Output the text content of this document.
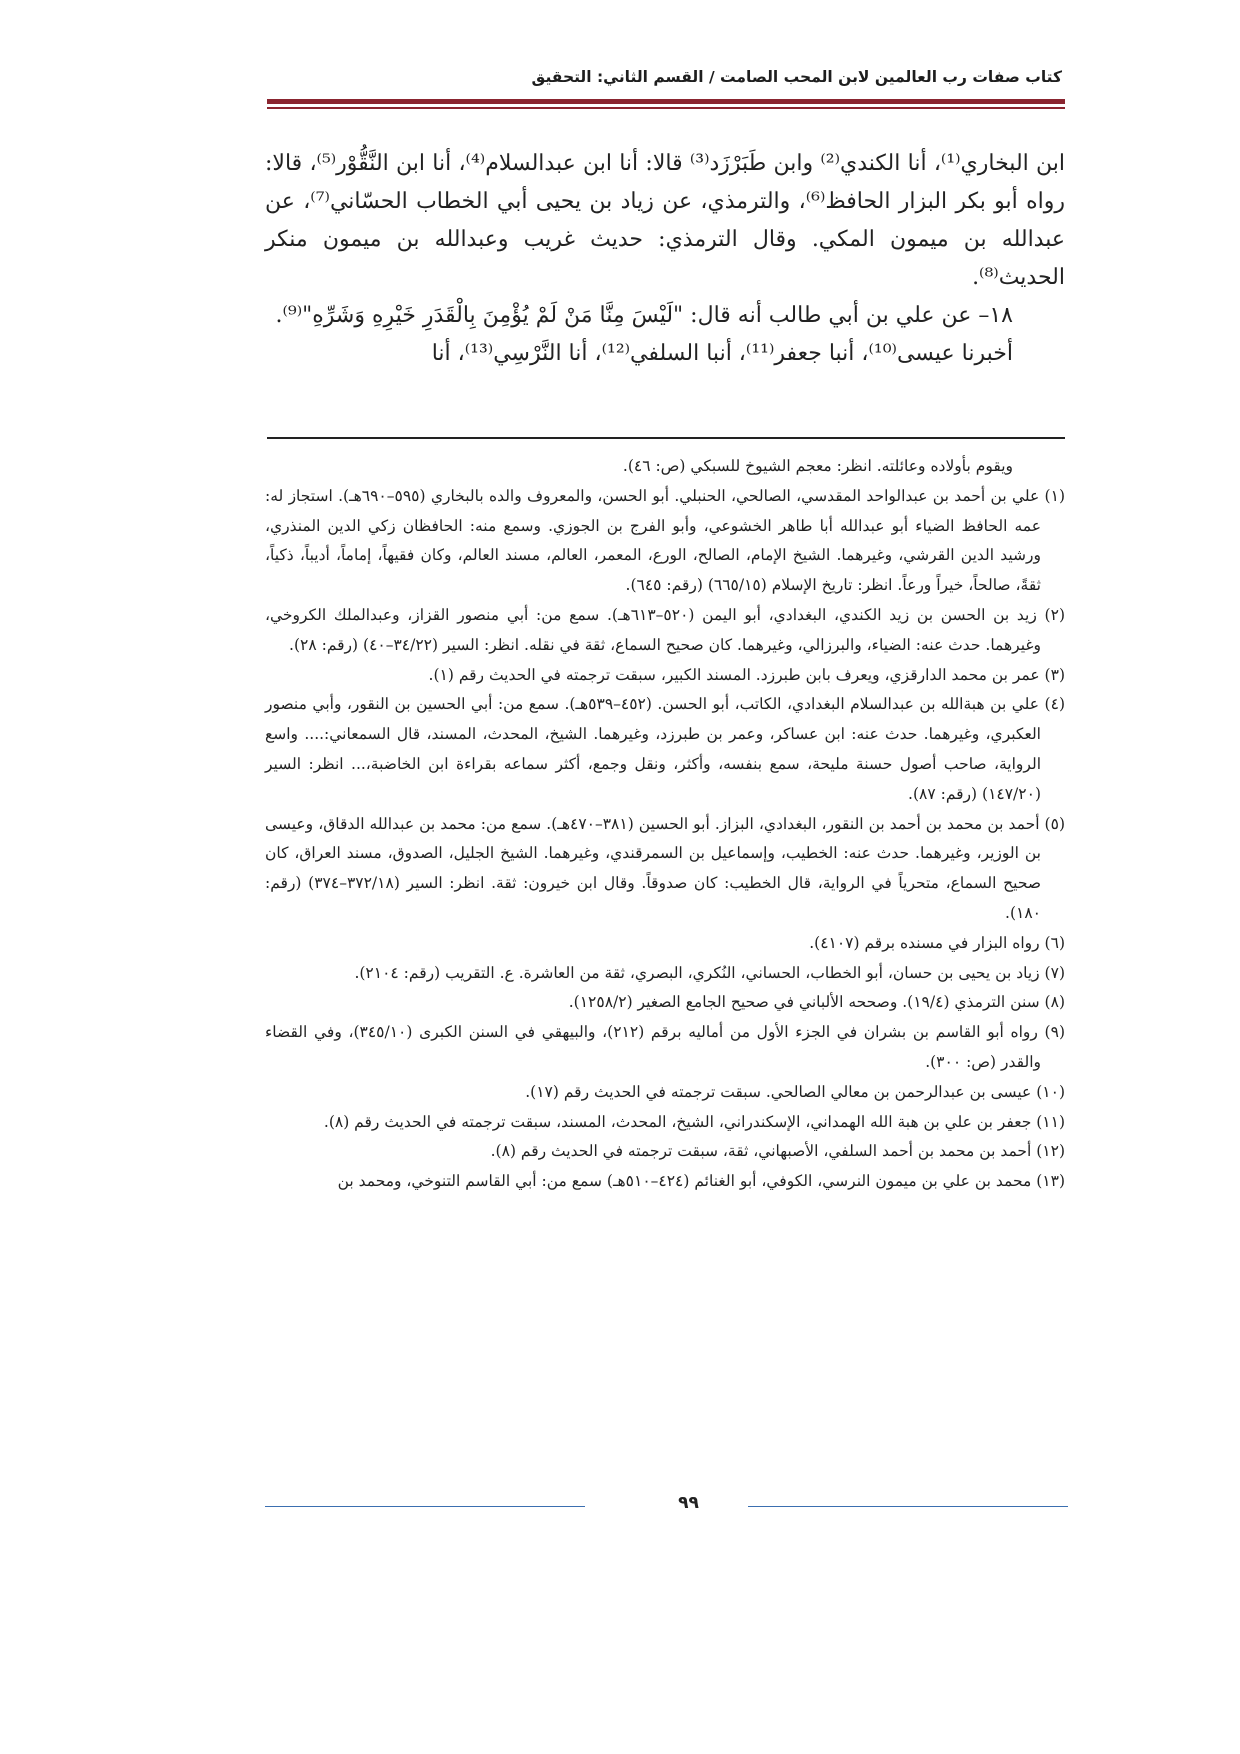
كتاب صفات رب العالمين لابن المحب الصامت / القسم الثاني: التحقيق

ابن البخاري⁽¹⁾، أنا الكندي⁽²⁾ وابن طَبَرْزَد⁽³⁾ قالا: أنا ابن عبدالسلام⁽⁴⁾، أنا ابن النَّقُّوْر⁽⁵⁾، قالا: رواه أبو بكر البزار الحافظ⁽⁶⁾، والترمذي، عن زياد بن يحيى أبي الخطاب الحسّاني⁽⁷⁾، عن عبدالله بن ميمون المكي. وقال الترمذي: حديث غريب وعبدالله بن ميمون منكر الحديث⁽⁸⁾.

١٨– عن علي بن أبي طالب أنه قال: "لَيْسَ مِنَّا مَنْ لَمْ يُؤْمِنَ بِالْقَدَرِ خَيْرِهِ وَشَرِّهِ"⁽⁹⁾.

أخبرنا عيسى⁽¹⁰⁾، أنبا جعفر⁽¹¹⁾، أنبا السلفي⁽¹²⁾، أنا النَّرْسِي⁽¹³⁾، أنا

ويقوم بأولاده وعائلته. انظر: معجم الشيوخ للسبكي (ص: ٤٦).

(١) علي بن أحمد بن عبدالواحد المقدسي، الصالحي، الحنبلي. أبو الحسن، والمعروف والده بالبخاري (٥٩٥–٦٩٠هـ). استجاز له: عمه الحافظ الضياء أبو عبدالله أبا طاهر الخشوعي، وأبو الفرج بن الجوزي. وسمع منه: الحافظان زكي الدين المنذري، ورشيد الدين القرشي، وغيرهما. الشيخ الإمام، الصالح، الورع، المعمر، العالم، مسند العالم، وكان فقيهاً، إماماً، أديباً، ذكياً، ثقةً، صالحاً، خيراً ورعاً. انظر: تاريخ الإسلام (٦٦٥/١٥) (رقم: ٦٤٥).

(٢) زيد بن الحسن بن زيد الكندي، البغدادي، أبو اليمن (٥٢٠–٦١٣هـ). سمع من: أبي منصور القزاز، وعبدالملك الكروخي، وغيرهما. حدث عنه: الضياء، والبرزالي، وغيرهما. كان صحيح السماع، ثقة في نقله. انظر: السير (٣٤/٢٢–٤٠) (رقم: ٢٨).

(٣) عمر بن محمد الدارقزي، ويعرف بابن طبرزد. المسند الكبير، سبقت ترجمته في الحديث رقم (١).

(٤) علي بن هبةالله بن عبدالسلام البغدادي، الكاتب، أبو الحسن. (٤٥٢–٥٣٩هـ). سمع من: أبي الحسين بن النقور، وأبي منصور العكبري، وغيرهما. حدث عنه: ابن عساكر، وعمر بن طبرزد، وغيرهما. الشيخ، المحدث، المسند، قال السمعاني:.... واسع الرواية، صاحب أصول حسنة مليحة، سمع بنفسه، وأكثر، ونقل وجمع، أكثر سماعه بقراءة ابن الخاضبة،... انظر: السير (١٤٧/٢٠) (رقم: ٨٧).

(٥) أحمد بن محمد بن أحمد بن النقور، البغدادي، البزاز. أبو الحسين (٣٨١–٤٧٠هـ). سمع من: محمد بن عبدالله الدقاق، وعيسى بن الوزير، وغيرهما. حدث عنه: الخطيب، وإسماعيل بن السمرقندي، وغيرهما. الشيخ الجليل، الصدوق، مسند العراق، كان صحيح السماع، متحرياً في الرواية، قال الخطيب: كان صدوقاً. وقال ابن خيرون: ثقة. انظر: السير (٣٧٢/١٨–٣٧٤) (رقم: ١٨٠).

(٦) رواه البزار في مسنده برقم (٤١٠٧).

(٧) زياد بن يحيى بن حسان، أبو الخطاب، الحساني، النُكري، البصري، ثقة من العاشرة. ع. التقريب (رقم: ٢١٠٤).

(٨) سنن الترمذي (١٩/٤). وصححه الألباني في صحيح الجامع الصغير (١٢٥٨/٢).

(٩) رواه أبو القاسم بن بشران في الجزء الأول من أماليه برقم (٢١٢)، والبيهقي في السنن الكبرى (٣٤٥/١٠)، وفي القضاء والقدر (ص: ٣٠٠).

(١٠) عيسى بن عبدالرحمن بن معالي الصالحي. سبقت ترجمته في الحديث رقم (١٧).

(١١) جعفر بن علي بن هبة الله الهمداني، الإسكندراني، الشيخ، المحدث، المسند، سبقت ترجمته في الحديث رقم (٨).

(١٢) أحمد بن محمد بن أحمد السلفي، الأصبهاني، ثقة، سبقت ترجمته في الحديث رقم (٨).

(١٣) محمد بن علي بن ميمون النرسي، الكوفي، أبو الغنائم (٤٢٤–٥١٠هـ) سمع من: أبي القاسم التنوخي، ومحمد بن

٩٩
